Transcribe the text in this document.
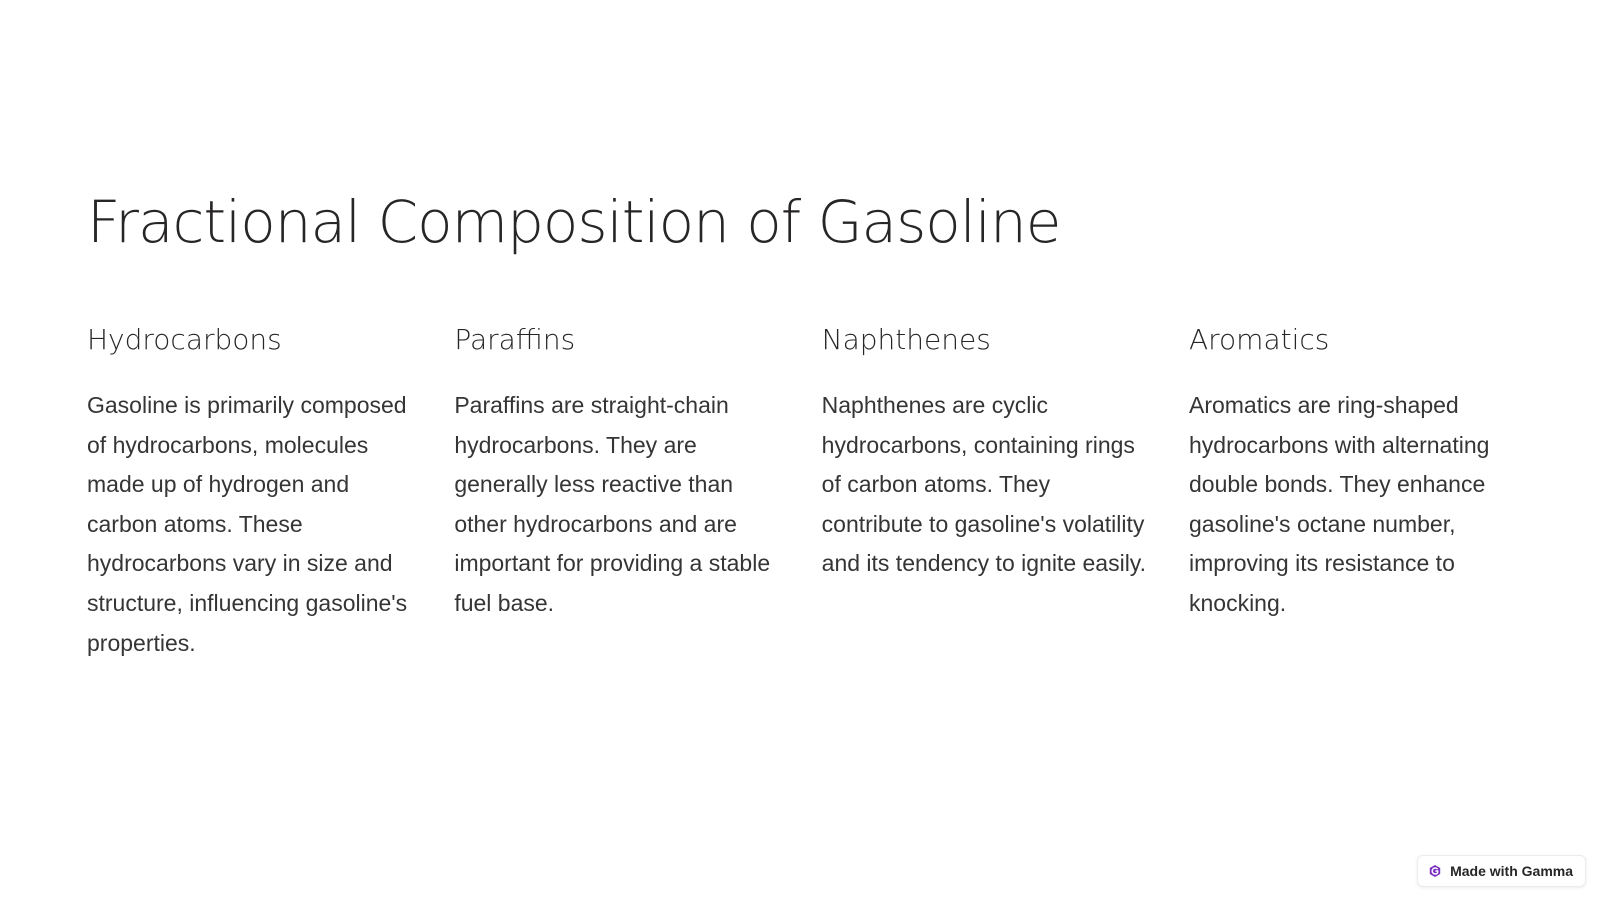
Fractional Composition of Gasoline
Hydrocarbons

Gasoline is primarily composed of hydrocarbons, molecules made up of hydrogen and carbon atoms. These hydrocarbons vary in size and structure, influencing gasoline's properties.

Paraffins

Paraffins are straight-chain hydrocarbons. They are generally less reactive than other hydrocarbons and are important for providing a stable fuel base.

Naphthenes

Naphthenes are cyclic hydrocarbons, containing rings of carbon atoms. They contribute to gasoline's volatility and its tendency to ignite easily.

Aromatics

Aromatics are ring-shaped hydrocarbons with alternating double bonds. They enhance gasoline's octane number, improving its resistance to knocking.

Made with Gamma
